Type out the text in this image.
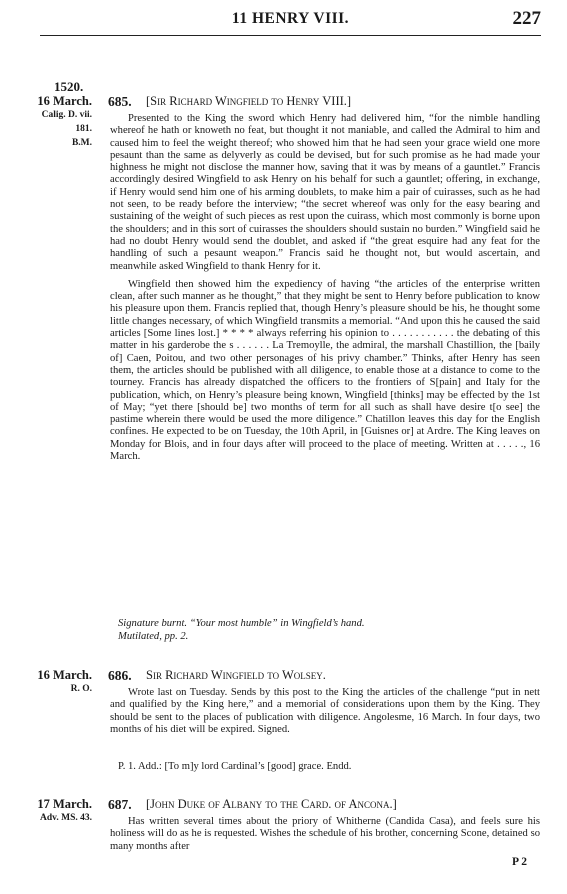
11 HENRY VIII.	227
1520.
16 March.
Calig. D. vii.
181.
B.M.
685. [Sir Richard Wingfield to Henry VIII.]

Presented to the King the sword which Henry had delivered him, “for the nimble handling whereof he hath or knoweth no feat, but thought it not maniable, and called the Admiral to him and caused him to feel the weight thereof; who showed him that he had seen your grace wield one more pesaunt than the same as delyverly as could be devised, but for such promise as he had made your highness he might not disclose the manner how, saving that it was by means of a gauntlet.” Francis accordingly desired Wingfield to ask Henry on his behalf for such a gauntlet; offering, in exchange, if Henry would send him one of his arming doublets, to make him a pair of cuirasses, such as he had not seen, to be ready before the interview; “the secret whereof was only for the easy bearing and sustaining of the weight of such pieces as rest upon the cuirass, which most commonly is borne upon the shoulders; and in this sort of cuirasses the shoulders should sustain no burden.” Wingfield said he had no doubt Henry would send the doublet, and asked if “the great esquire had any feat for the handling of such a pesaunt weapon.” Francis said he thought not, but would ascertain, and meanwhile asked Wingfield to thank Henry for it.

Wingfield then showed him the expediency of having “the articles of the enterprise written clean, after such manner as he thought,” that they might be sent to Henry before publication to know his pleasure upon them. Francis replied that, though Henry’s pleasure should be his, he thought some little changes necessary, of which Wingfield transmits a memorial. “And upon this he caused the said articles [Some lines lost.] * * * * always referring his opinion to . . . . . . . . . . . the debating of this matter in his garderobe the s . . . . . . La Tremoylle, the admiral, the marshall Chastillion, the [baily of] Caen, Poitou, and two other personages of his privy chamber.” Thinks, after Henry has seen them, the articles should be published with all diligence, to enable those at a distance to come to the tourney. Francis has already dispatched the officers to the frontiers of S[pain] and Italy for the publication, which, on Henry’s pleasure being known, Wingfield [thinks] may be effected by the 1st of May; “yet there [should be] two months of term for all such as shall have desire t[o see] the pastime wherein there would be used the more diligence.” Chatillon leaves this day for the English confines. He expected to be on Tuesday, the 10th April, in [Guisnes or] at Ardre. The King leaves on Monday for Blois, and in four days after will proceed to the place of meeting. Written at . . . . ., 16 March.

Signature burnt. “Your most humble” in Wingfield’s hand.
Mutilated, pp. 2.
16 March.
R. O.
686. Sir Richard Wingfield to Wolsey.

Wrote last on Tuesday. Sends by this post to the King the articles of the challenge “put in nett and qualified by the King here,” and a memorial of considerations upon them by the King. They should be sent to the places of publication with diligence. Angolesme, 16 March. In four days, two months of his diet will be expired. Signed.

P. 1. Add.: [To m]y lord Cardinal’s [good] grace. Endd.
17 March.
Adv. MS. 43.
687. [John Duke of Albany to the Card. of Ancona.]

Has written several times about the priory of Whitherne (Candida Casa), and feels sure his holiness will do as he is requested. Wishes the schedule of his brother, concerning Scone, detained so many months after

P 2
